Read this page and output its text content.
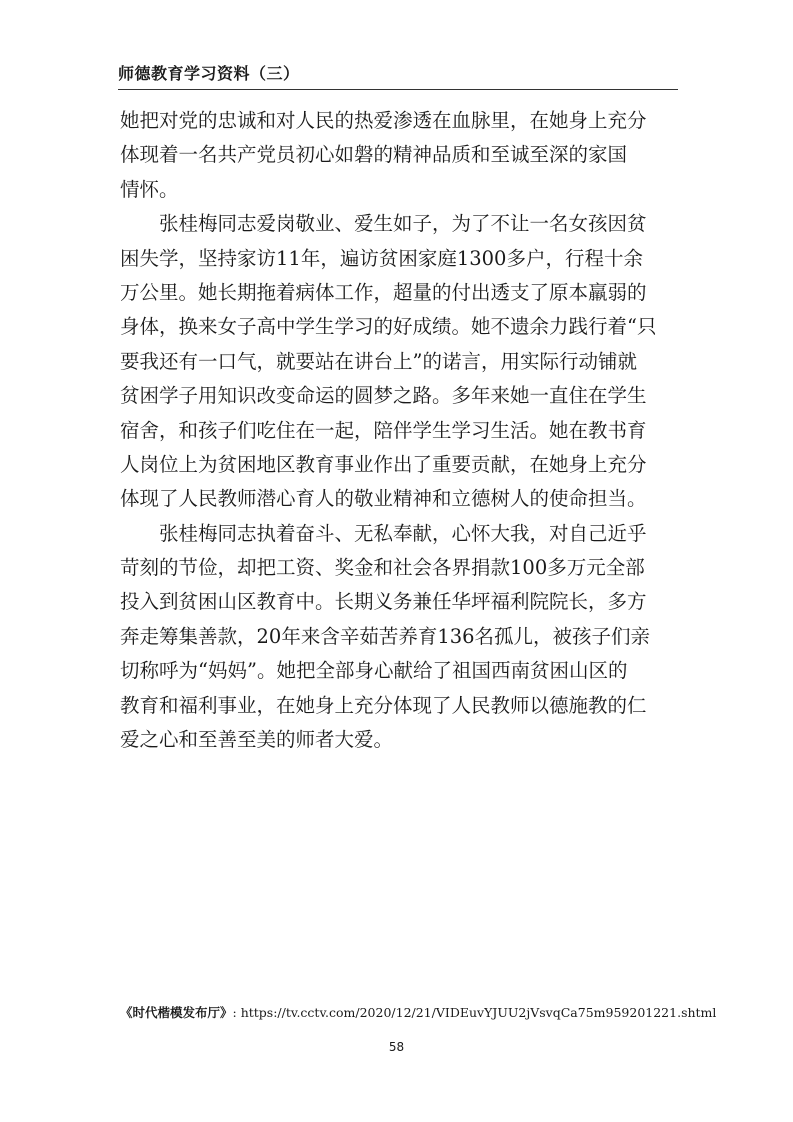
师德教育学习资料（三）
她把对党的忠诚和对人民的热爱渗透在血脉里，在她身上充分
体现着一名共产党员初心如磐的精神品质和至诚至深的家国
情怀。
　　张桂梅同志爱岗敬业、爱生如子，为了不让一名女孩因贫
困失学，坚持家访11年，遍访贫困家庭1300多户，行程十余
万公里。她长期拖着病体工作，超量的付出透支了原本羸弱的
身体，换来女子高中学生学习的好成绩。她不遗余力践行着“只
要我还有一口气，就要站在讲台上”的诺言，用实际行动铺就
贫困学子用知识改变命运的圆梦之路。多年来她一直住在学生
宿舍，和孩子们吃住在一起，陪伴学生学习生活。她在教书育
人岗位上为贫困地区教育事业作出了重要贡献，在她身上充分
体现了人民教师潜心育人的敬业精神和立德树人的使命担当。
　　张桂梅同志执着奋斗、无私奉献，心怀大我，对自己近乎
苛刻的节俭，却把工资、奖金和社会各界捐款100多万元全部
投入到贫困山区教育中。长期义务兼任华坪福利院院长，多方
奔走筹集善款，20年来含辛茹苦养育136名孤儿，被孩子们亲
切称呼为“妈妈”。她把全部身心献给了祖国西南贫困山区的
教育和福利事业，在她身上充分体现了人民教师以德施教的仁
爱之心和至善至美的师者大爱。
《时代楷模发布厅》: https://tv.cctv.com/2020/12/21/VIDEuvYJUU2jVsvqCa75m959201221.shtml
58
